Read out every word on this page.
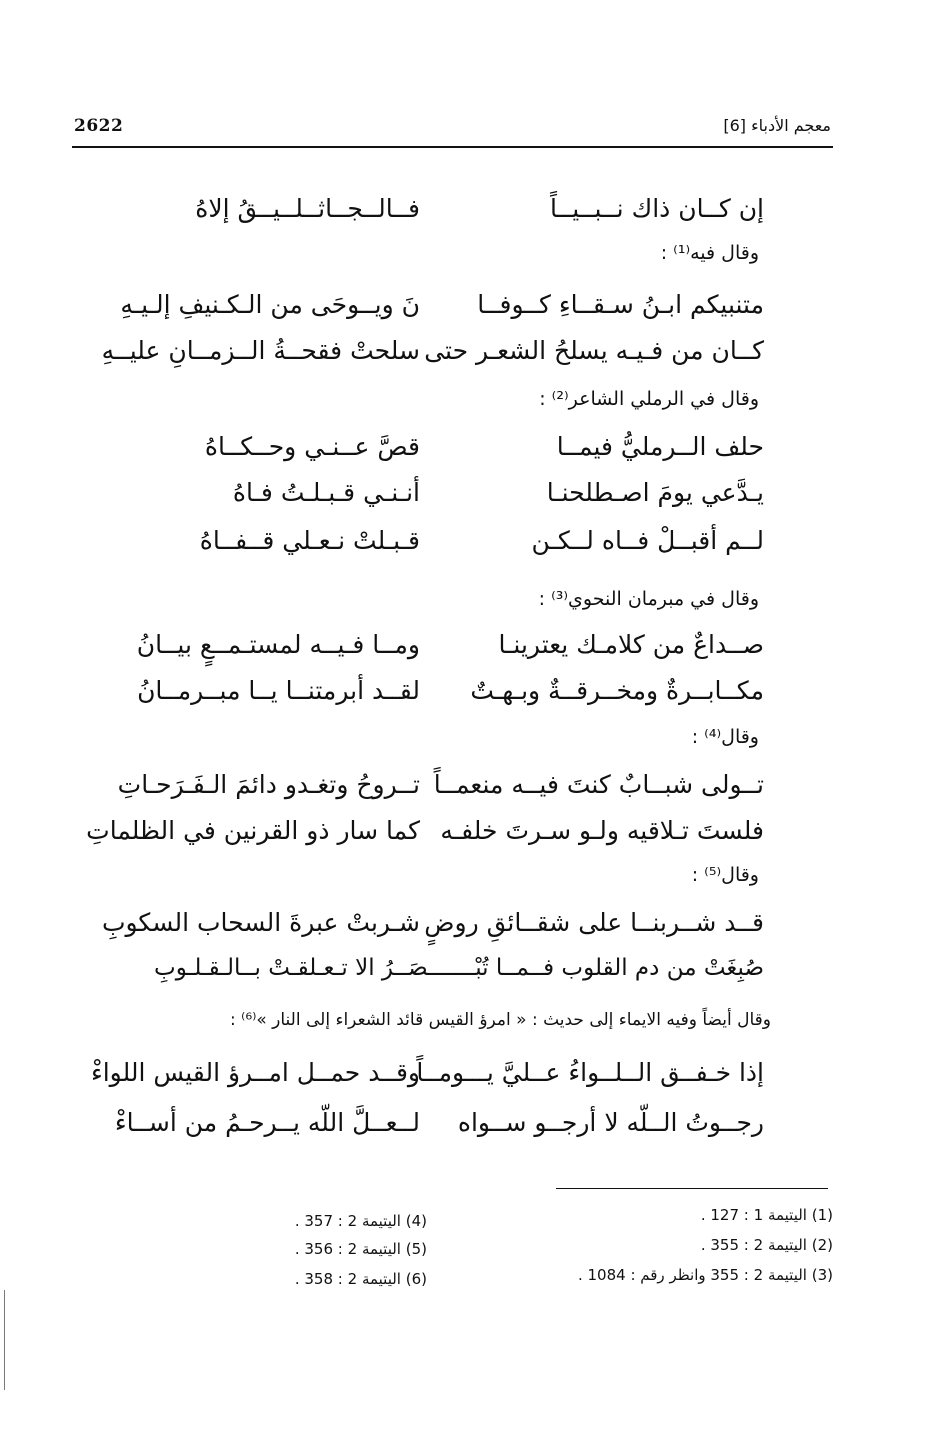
2622	معجم الأدباء [6]
إن كــان ذاك نــبــيــاً
فــالــجــاثــلــيــقُ إلاهُ
وقال فيه⁽¹⁾ :
متنبيكم ابـنُ سـقــاءِ كــوفــا
نَ ويــوحَى من الـكـنيفِ إلـيـهِ
كــان من فـيـه يسلحُ الشعـر حتى
سلحتْ فقحــةُ الــزمــانِ عليــهِ
وقال في الرملي الشاعر⁽²⁾ :
حلف الــرمليُّ فيمــا
قصَّ عــنـي وحــكــاهُ
يـدَّعي يومَ اصـطلحنـا
أنـنـي قـبـلـتُ فـاهُ
لــم أقبــلْ فــاه لــكـن
قـبـلتْ نـعـلي قــفــاهُ
وقال في مبرمان النحوي⁽³⁾ :
صــداعٌ من كلامـك يعترينـا
ومــا فـيــه لمستـمــعٍ بيــانُ
مكــابــرةٌ ومخــرقــةٌ وبـهـتٌ
لقــد أبرمتنــا يــا مبــرمــانُ
وقال⁽⁴⁾ :
تــولى شبــابٌ كنتَ فيــه منعمــاً
تــروحُ وتغـدو دائمَ الـفَـرَحـاتِ
فلستَ تـلاقيه ولـو سـرتَ خلفـه
كما سار ذو القرنين في الظلماتِ
وقال⁽⁵⁾ :
قــد شــربنــا على شقــائقِ روضٍ
شـربتْ عبرةَ السحاب السكوبِ
صُبِغَتْ من دم القلوب فــمــا تُبْـــــــصَــرُ الا تـعـلقـتْ بــالـقـلـوبِ
وقال أيضاً وفيه الايماء إلى حديث : « امرؤ القيس قائد الشعراء إلى النار »⁽⁶⁾ :
إذا خـفــق الــلــواءُ عــليَّ يـــومــاً
وقــد حمــل امــرؤ القيس اللواءْ
رجــوتُ الــلّه لا أرجــو ســواه
لــعــلَّ اللّه يــرحـمُ من أســاءْ
(1) اليتيمة 1 : 127 .
(2) اليتيمة 2 : 355 .
(3) اليتيمة 2 : 355 وانظر رقم : 1084 .
(4) اليتيمة 2 : 357 .
(5) اليتيمة 2 : 356 .
(6) اليتيمة 2 : 358 .
